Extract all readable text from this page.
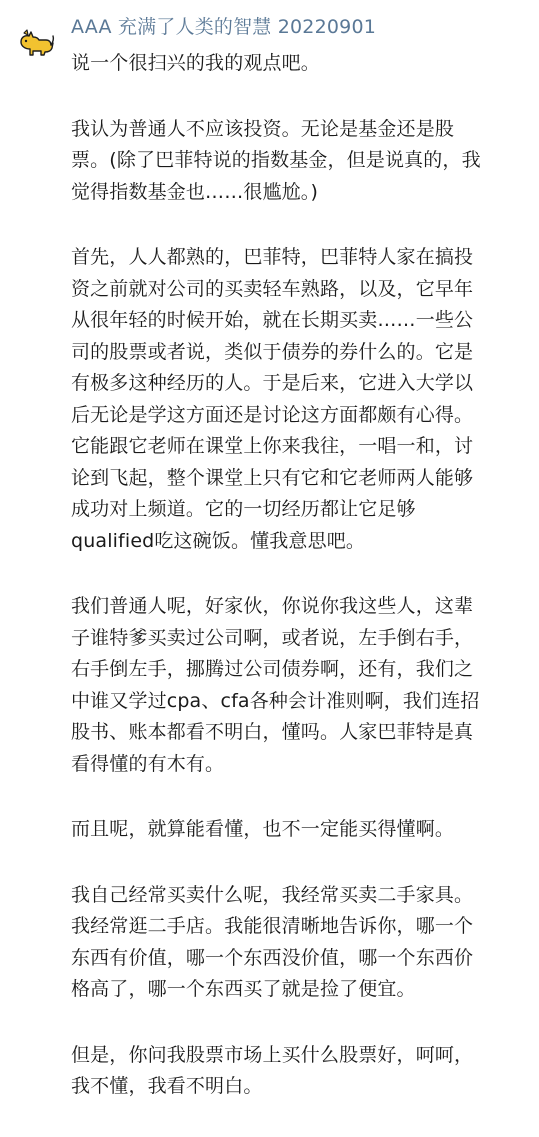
AAA 充满了人类的智慧 20220901
说一个很扫兴的我的观点吧。
我认为普通人不应该投资。无论是基金还是股
票。(除了巴菲特说的指数基金，但是说真的，我
觉得指数基金也……很尴尬。)
首先，人人都熟的，巴菲特，巴菲特人家在搞投
资之前就对公司的买卖轻车熟路，以及，它早年
从很年轻的时候开始，就在长期买卖……一些公
司的股票或者说，类似于债券的券什么的。它是
有极多这种经历的人。于是后来，它进入大学以
后无论是学这方面还是讨论这方面都颇有心得。
它能跟它老师在课堂上你来我往，一唱一和，讨
论到飞起，整个课堂上只有它和它老师两人能够
成功对上频道。它的一切经历都让它足够
qualified吃这碗饭。懂我意思吧。
我们普通人呢，好家伙，你说你我这些人，这辈
子谁特爹买卖过公司啊，或者说，左手倒右手，
右手倒左手，挪腾过公司债券啊，还有，我们之
中谁又学过cpa、cfa各种会计准则啊，我们连招
股书、账本都看不明白，懂吗。人家巴菲特是真
看得懂的有木有。
而且呢，就算能看懂，也不一定能买得懂啊。
我自己经常买卖什么呢，我经常买卖二手家具。
我经常逛二手店。我能很清晰地告诉你，哪一个
东西有价值，哪一个东西没价值，哪一个东西价
格高了，哪一个东西买了就是捡了便宜。
但是，你问我股票市场上买什么股票好，呵呵，
我不懂，我看不明白。
